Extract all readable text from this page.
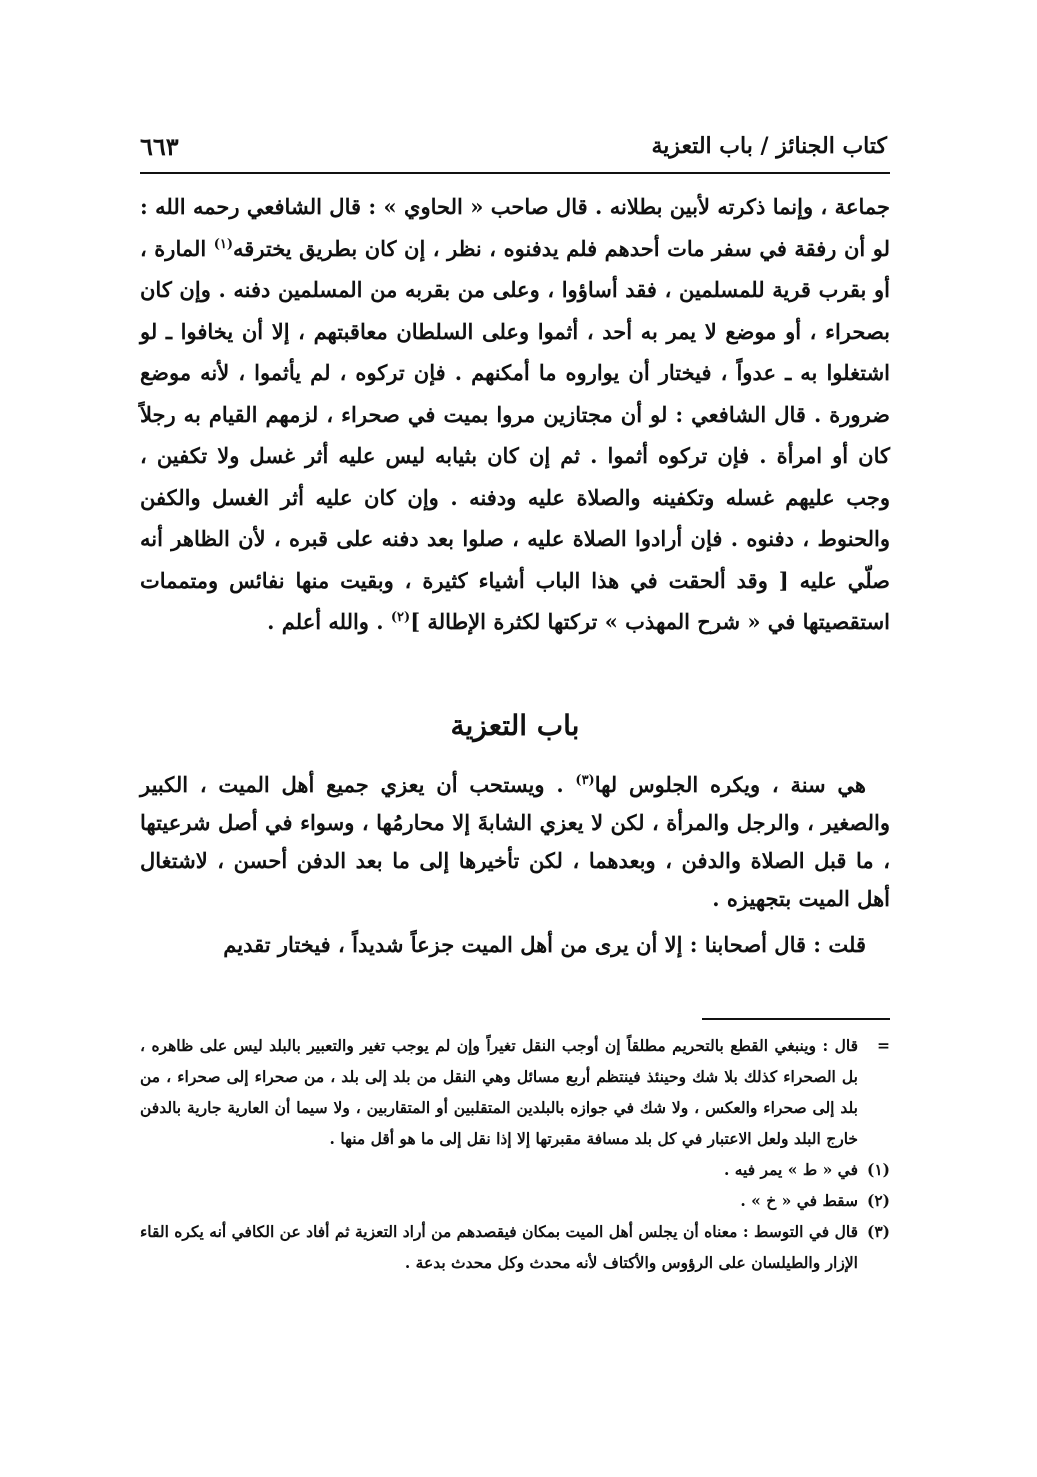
كتاب الجنائز / باب التعزية
٦٦٣

جماعة ، وإنما ذكرته لأبين بطلانه . قال صاحب « الحاوي » : قال الشافعي رحمه الله : لو أن رفقة في سفر مات أحدهم فلم يدفنوه ، نظر ، إن كان بطريق يخترقه$^{(١)}$ المارة ، أو بقرب قرية للمسلمين ، فقد أساؤوا ، وعلى من بقربه من المسلمين دفنه . وإن كان بصحراء ، أو موضع لا يمر به أحد ، أثموا وعلى السلطان معاقبتهم ، إلا أن يخافوا ـ لو اشتغلوا به ـ عدواً ، فيختار أن يواروه ما أمكنهم . فإن تركوه ، لم يأثموا ، لأنه موضع ضرورة . قال الشافعي : لو أن مجتازين مروا بميت في صحراء ، لزمهم القيام به رجلاً كان أو امرأة . فإن تركوه أثموا . ثم إن كان بثيابه ليس عليه أثر غسل ولا تكفين ، وجب عليهم غسله وتكفينه والصلاة عليه ودفنه . وإن كان عليه أثر الغسل والكفن والحنوط ، دفنوه . فإن أرادوا الصلاة عليه ، صلوا بعد دفنه على قبره ، لأن الظاهر أنه صلّي عليه [ وقد ألحقت في هذا الباب أشياء كثيرة ، وبقيت منها نفائس ومتممات استقصيتها في « شرح المهذب » تركتها لكثرة الإطالة ]$^{(٢)}$ . والله أعلم .

باب التعزية

هي سنة ، ويكره الجلوس لها$^{(٣)}$ . ويستحب أن يعزي جميع أهل الميت ، الكبير والصغير ، والرجل والمرأة ، لكن لا يعزي الشابةَ إلا محارمُها ، وسواء في أصل شرعيتها ، ما قبل الصلاة والدفن ، وبعدهما ، لكن تأخيرها إلى ما بعد الدفن أحسن ، لاشتغال أهل الميت بتجهيزه .

قلت : قال أصحابنا : إلا أن يرى من أهل الميت جزعاً شديداً ، فيختار تقديم

=
قال : وينبغي القطع بالتحريم مطلقاً إن أوجب النقل تغيراً وإن لم يوجب تغير والتعبير بالبلد ليس على ظاهره ، بل الصحراء كذلك بلا شك وحينئذ فينتظم أربع مسائل وهي النقل من بلد إلى بلد ، من صحراء إلى صحراء ، من بلد إلى صحراء والعكس ، ولا شك في جوازه بالبلدين المتقلبين أو المتقاربين ، ولا سيما أن العارية جارية بالدفن خارج البلد ولعل الاعتبار في كل بلد مسافة مقبرتها إلا إذا نقل إلى ما هو أقل منها .
(١)
في « ط » يمر فيه .
(٢)
سقط في « خ » .
(٣)
قال في التوسط : معناه أن يجلس أهل الميت بمكان فيقصدهم من أراد التعزية ثم أفاد عن الكافي أنه يكره القاء الإزار والطيلسان على الرؤوس والأكتاف لأنه محدث وكل محدث بدعة .
